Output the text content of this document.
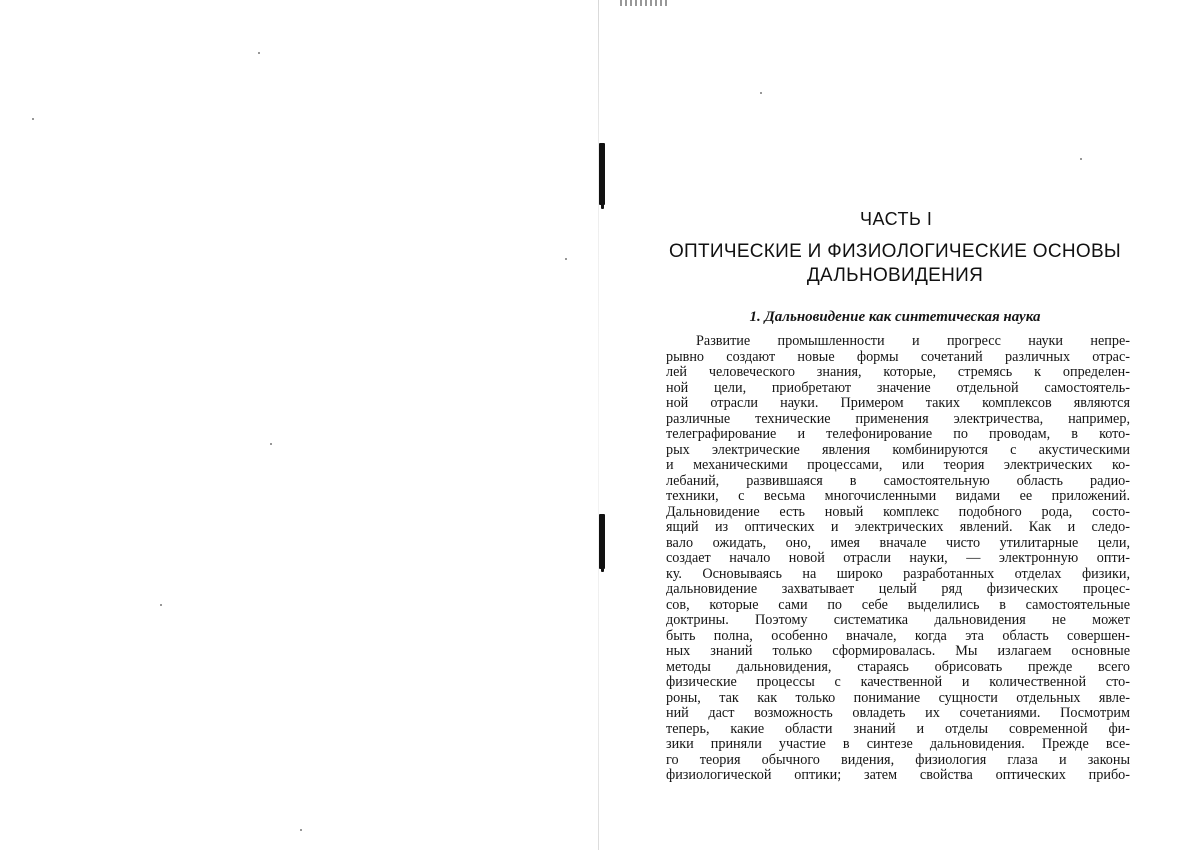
ЧАСТЬ I
ОПТИЧЕСКИЕ И ФИЗИОЛОГИЧЕСКИЕ ОСНОВЫ
ДАЛЬНОВИДЕНИЯ
1. Дальновидение как синтетическая наука
Развитие промышленности и прогресс науки непре-
рывно создают новые формы сочетаний различных отрас-
лей человеческого знания, которые, стремясь к определен-
ной цели, приобретают значение отдельной самостоятель-
ной отрасли науки. Примером таких комплексов являются
различные технические применения электричества, например,
телеграфирование и телефонирование по проводам, в кото-
рых электрические явления комбинируются с акустическими
и механическими процессами, или теория электрических ко-
лебаний, развившаяся в самостоятельную область радио-
техники, с весьма многочисленными видами ее приложений.
Дальновидение есть новый комплекс подобного рода, состо-
ящий из оптических и электрических явлений. Как и следо-
вало ожидать, оно, имея вначале чисто утилитарные цели,
создает начало новой отрасли науки, — электронную опти-
ку. Основываясь на широко разработанных отделах физики,
дальновидение захватывает целый ряд физических процес-
сов, которые сами по себе выделились в самостоятельные
доктрины. Поэтому систематика дальновидения не может
быть полна, особенно вначале, когда эта область совершен-
ных знаний только сформировалась. Мы излагаем основные
методы дальновидения, стараясь обрисовать прежде всего
физические процессы с качественной и количественной сто-
роны, так как только понимание сущности отдельных явле-
ний даст возможность овладеть их сочетаниями. Посмотрим
теперь, какие области знаний и отделы современной фи-
зики приняли участие в синтезе дальновидения. Прежде все-
го теория обычного видения, физиология глаза и законы
физиологической оптики; затем свойства оптических прибо-
